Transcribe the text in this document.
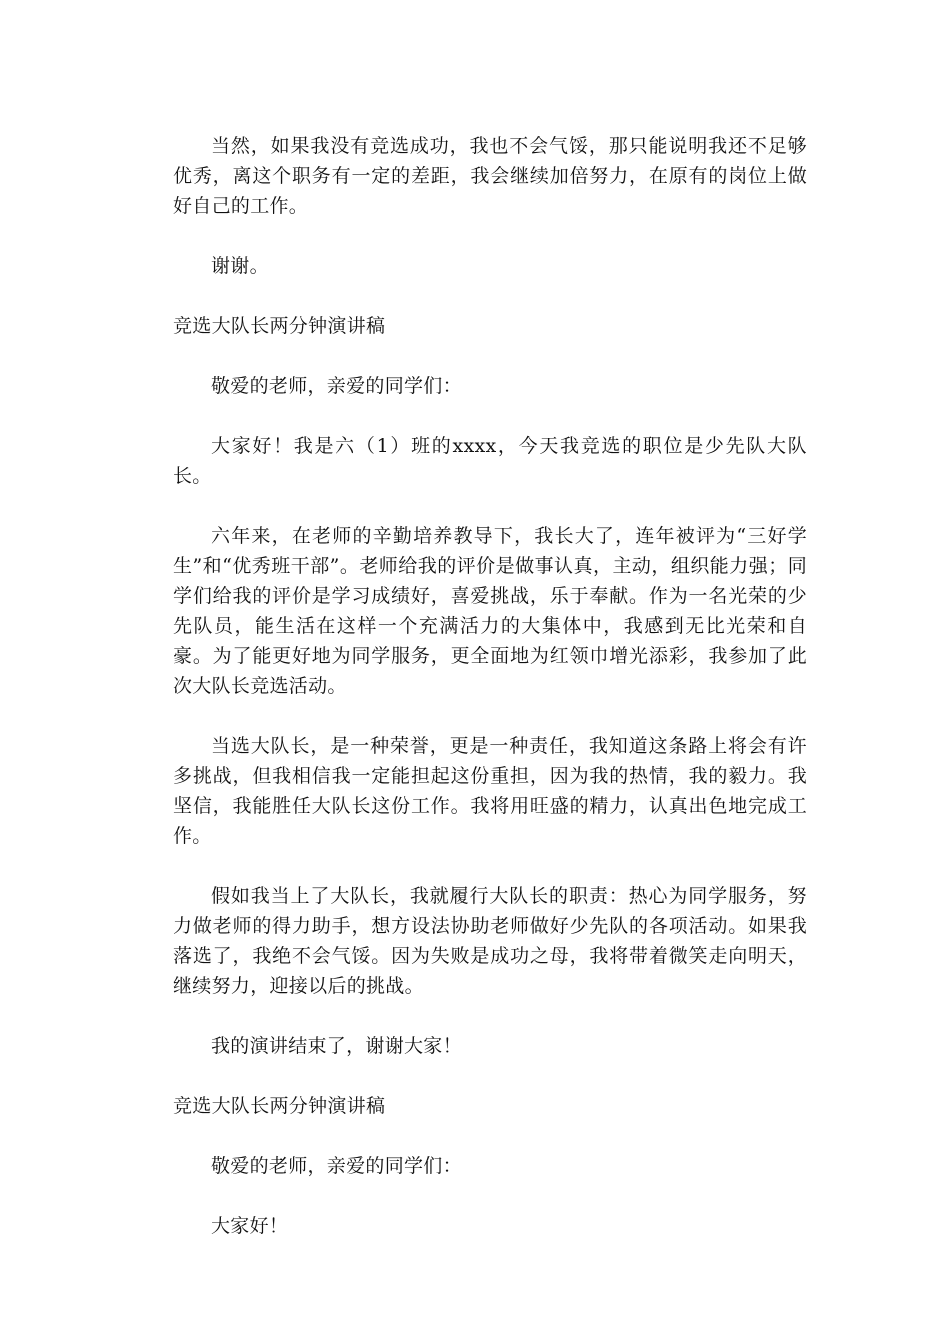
当然，如果我没有竞选成功，我也不会气馁，那只能说明我还不足够优秀，离这个职务有一定的差距，我会继续加倍努力，在原有的岗位上做好自己的工作。

谢谢。

竞选大队长两分钟演讲稿

敬爱的老师，亲爱的同学们：

大家好！我是六（1）班的xxxx，今天我竞选的职位是少先队大队长。

六年来，在老师的辛勤培养教导下，我长大了，连年被评为“三好学生”和“优秀班干部”。老师给我的评价是做事认真，主动，组织能力强；同学们给我的评价是学习成绩好，喜爱挑战，乐于奉献。作为一名光荣的少先队员，能生活在这样一个充满活力的大集体中，我感到无比光荣和自豪。为了能更好地为同学服务，更全面地为红领巾增光添彩，我参加了此次大队长竞选活动。

当选大队长，是一种荣誉，更是一种责任，我知道这条路上将会有许多挑战，但我相信我一定能担起这份重担，因为我的热情，我的毅力。我坚信，我能胜任大队长这份工作。我将用旺盛的精力，认真出色地完成工作。

假如我当上了大队长，我就履行大队长的职责：热心为同学服务，努力做老师的得力助手，想方设法协助老师做好少先队的各项活动。如果我落选了，我绝不会气馁。因为失败是成功之母，我将带着微笑走向明天，继续努力，迎接以后的挑战。

我的演讲结束了，谢谢大家！

竞选大队长两分钟演讲稿

敬爱的老师，亲爱的同学们：

大家好！
